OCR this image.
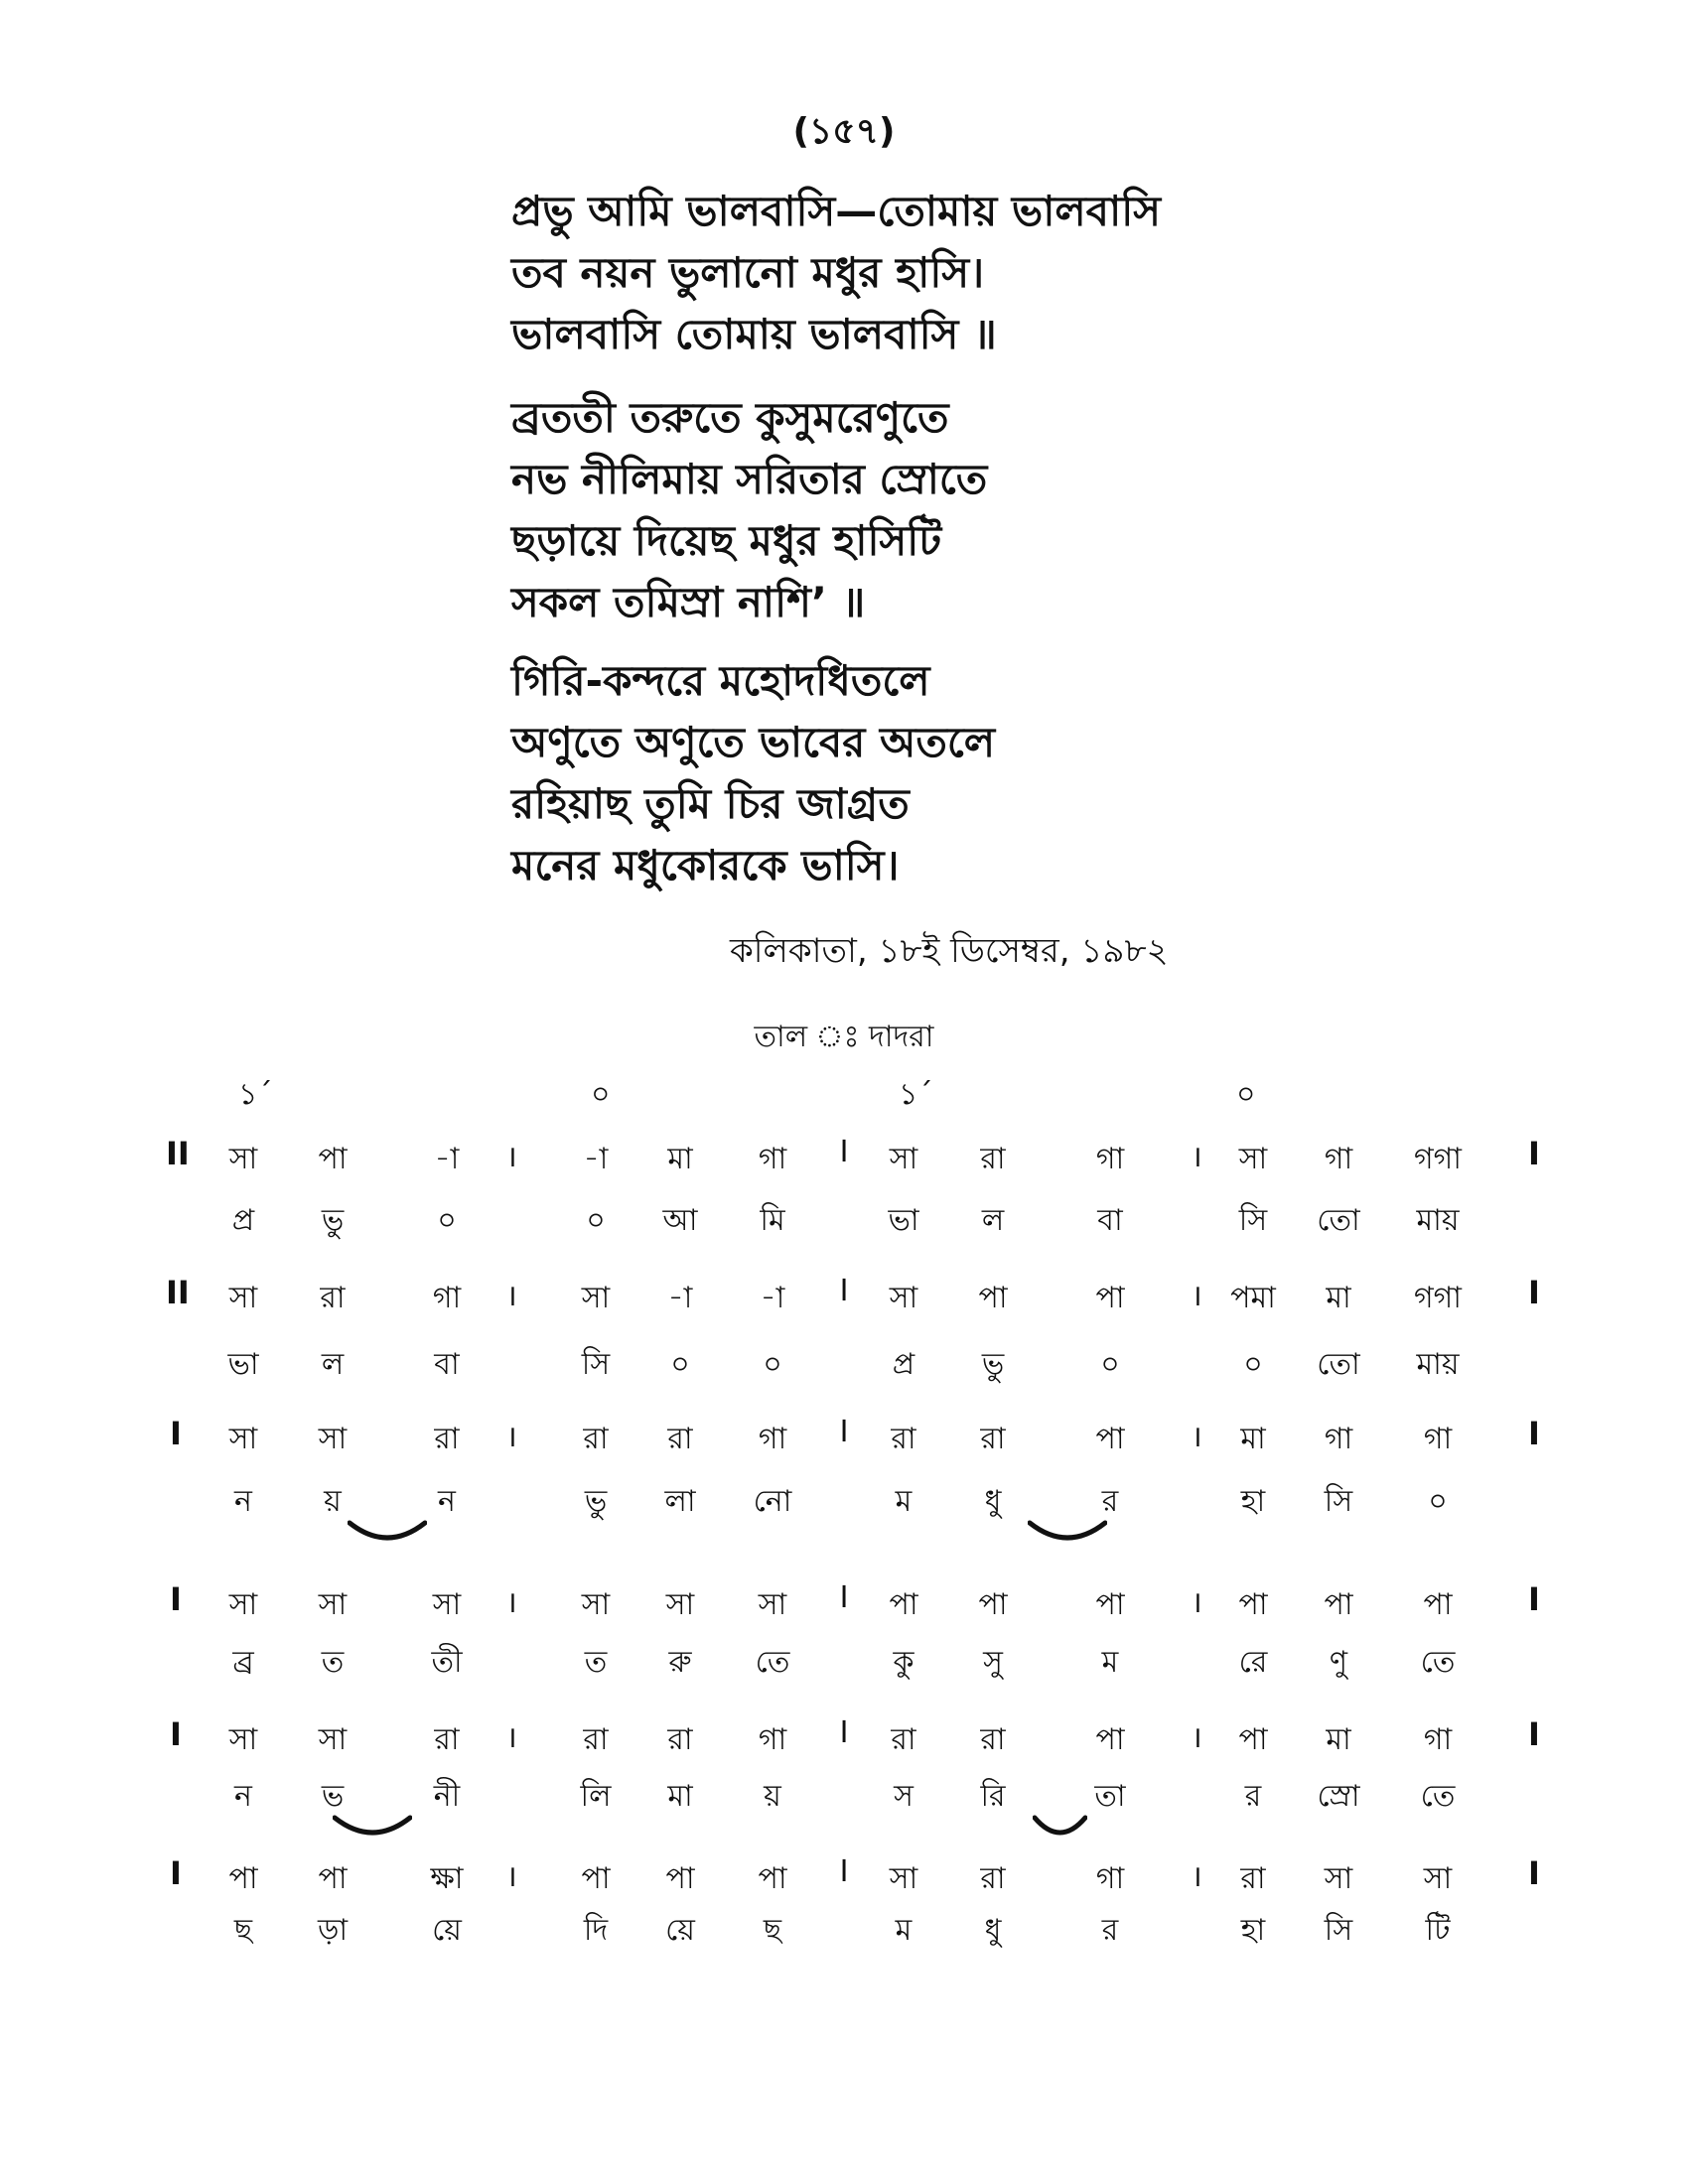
(১৫৭)
প্রভু আমি ভালবাসি—তোমায় ভালবাসি
তব নয়ন ভুলানো মধুর হাসি।
ভালবাসি তোমায় ভালবাসি ॥
ব্রততী তরুতে কুসুমরেণুতে
নভ নীলিমায় সরিতার স্রোতে
ছড়ায়ে দিয়েছ মধুর হাসিটি
সকল তমিস্রা নাশি’ ॥
গিরি-কন্দরে মহোদধিতলে
অণুতে অণুতে ভাবের অতলে
রহিয়াছ তুমি চির জাগ্রত
মনের মধুকোরকে ভাসি।
কলিকাতা, ১৮ই ডিসেম্বর, ১৯৮২
তাল ঃ দাদরা
১´	০	১´	০
II	সা	পা	-া	-া	মা	গা	সা	রা	গা	সা	গা	গগা
।	I	।	I
প্র	ভু	০	০	আ	মি	ভা	ল	বা	সি	তো	মায়
II	সা	রা	গা	সা	-া	-া	সা	পা	পা	পমা	মা	গগা
।	I	।	I
ভা	ল	বা	সি	০	০	প্র	ভু	০	০	তো	মায়
I	সা	সা	রা	রা	রা	গা	রা	রা	পা	মা	গা	গা
।	I	।	I
ন	য়	ন	ভু	লা	নো	ম	ধু	র	হা	সি	০
I	সা	সা	সা	সা	সা	সা	পা	পা	পা	পা	পা	পা
।	I	।	I
ব্র	ত	তী	ত	রু	তে	কু	সু	ম	রে	ণু	তে
I	সা	সা	রা	রা	রা	গা	রা	রা	পা	পা	মা	গা
।	I	।	I
ন	ভ	নী	লি	মা	য়	স	রি	তা	র	স্রো	তে
I	পা	পা	ক্ষা	পা	পা	পা	সা	রা	গা	রা	সা	সা
।	I	।	I
ছ	ড়া	য়ে	দি	য়ে	ছ	ম	ধু	র	হা	সি	টি
